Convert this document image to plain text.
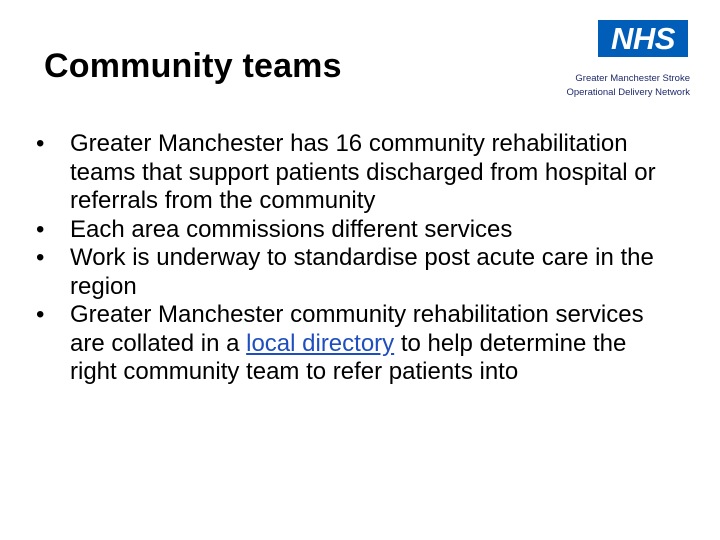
Community teams
NHS
Greater Manchester Stroke
Operational Delivery Network
•	Greater Manchester has 16 community rehabilitation teams that support patients discharged from hospital or referrals from the community
•	Each area commissions different services
•	Work is underway to standardise post acute care in the region
•	Greater Manchester community rehabilitation services are collated in a local directory to help determine the right community team to refer patients into
